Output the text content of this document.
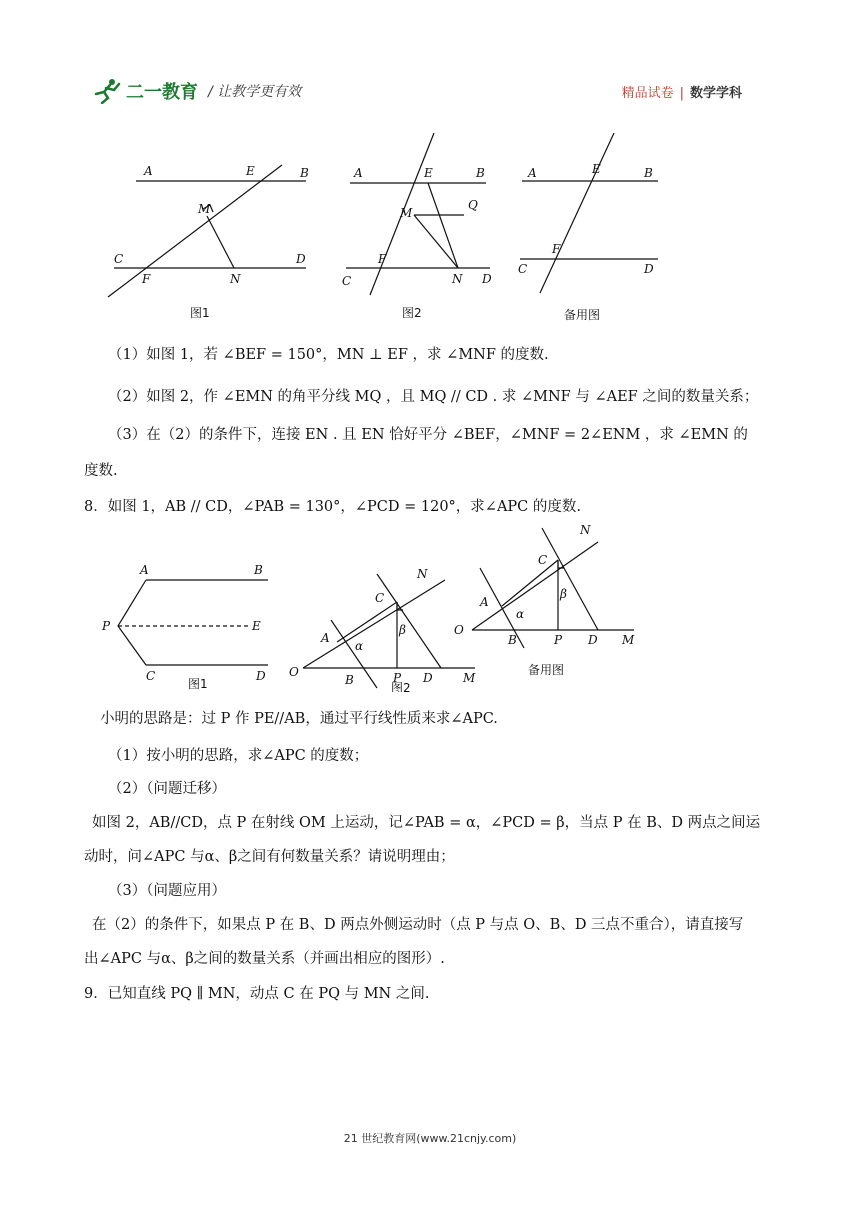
二一教育 / 让教学更有效	精品试卷 | 数学学科
A	E	B
M
C
F	N
D
图1
A	E	B
M
Q
F
C	N D
图2
A	E	B
F
C	D
备用图
（1）如图 1，若 ∠BEF = 150°，MN ⊥ EF ，求 ∠MNF 的度数.
（2）如图 2，作 ∠EMN 的角平分线 MQ ，且 MQ // CD . 求 ∠MNF 与 ∠AEF 之间的数量关系；
（3）在（2）的条件下，连接 EN . 且 EN 恰好平分 ∠BEF，∠MNF = 2∠ENM ，求 ∠EMN 的
度数.
8．如图 1，AB // CD，∠PAB = 130°，∠PCD = 120°，求∠APC 的度数.
A	B
P	E
C	D
图1
N
C
A
β
α
O
B	P D	M
图2
N
C
A
β
α
O
B	P D M
备用图
小明的思路是：过 P 作 PE//AB，通过平行线性质来求∠APC.
（1）按小明的思路，求∠APC 的度数；
（2）（问题迁移）
如图 2，AB//CD，点 P 在射线 OM 上运动，记∠PAB = α，∠PCD = β，当点 P 在 B、D 两点之间运
动时，问∠APC 与α、β之间有何数量关系？请说明理由；
（3）（问题应用）
在（2）的条件下，如果点 P 在 B、D 两点外侧运动时（点 P 与点 O、B、D 三点不重合），请直接写
出∠APC 与α、β之间的数量关系（并画出相应的图形）.
9．已知直线 PQ ∥ MN，动点 C 在 PQ 与 MN 之间.
21 世纪教育网(www.21cnjy.com)
